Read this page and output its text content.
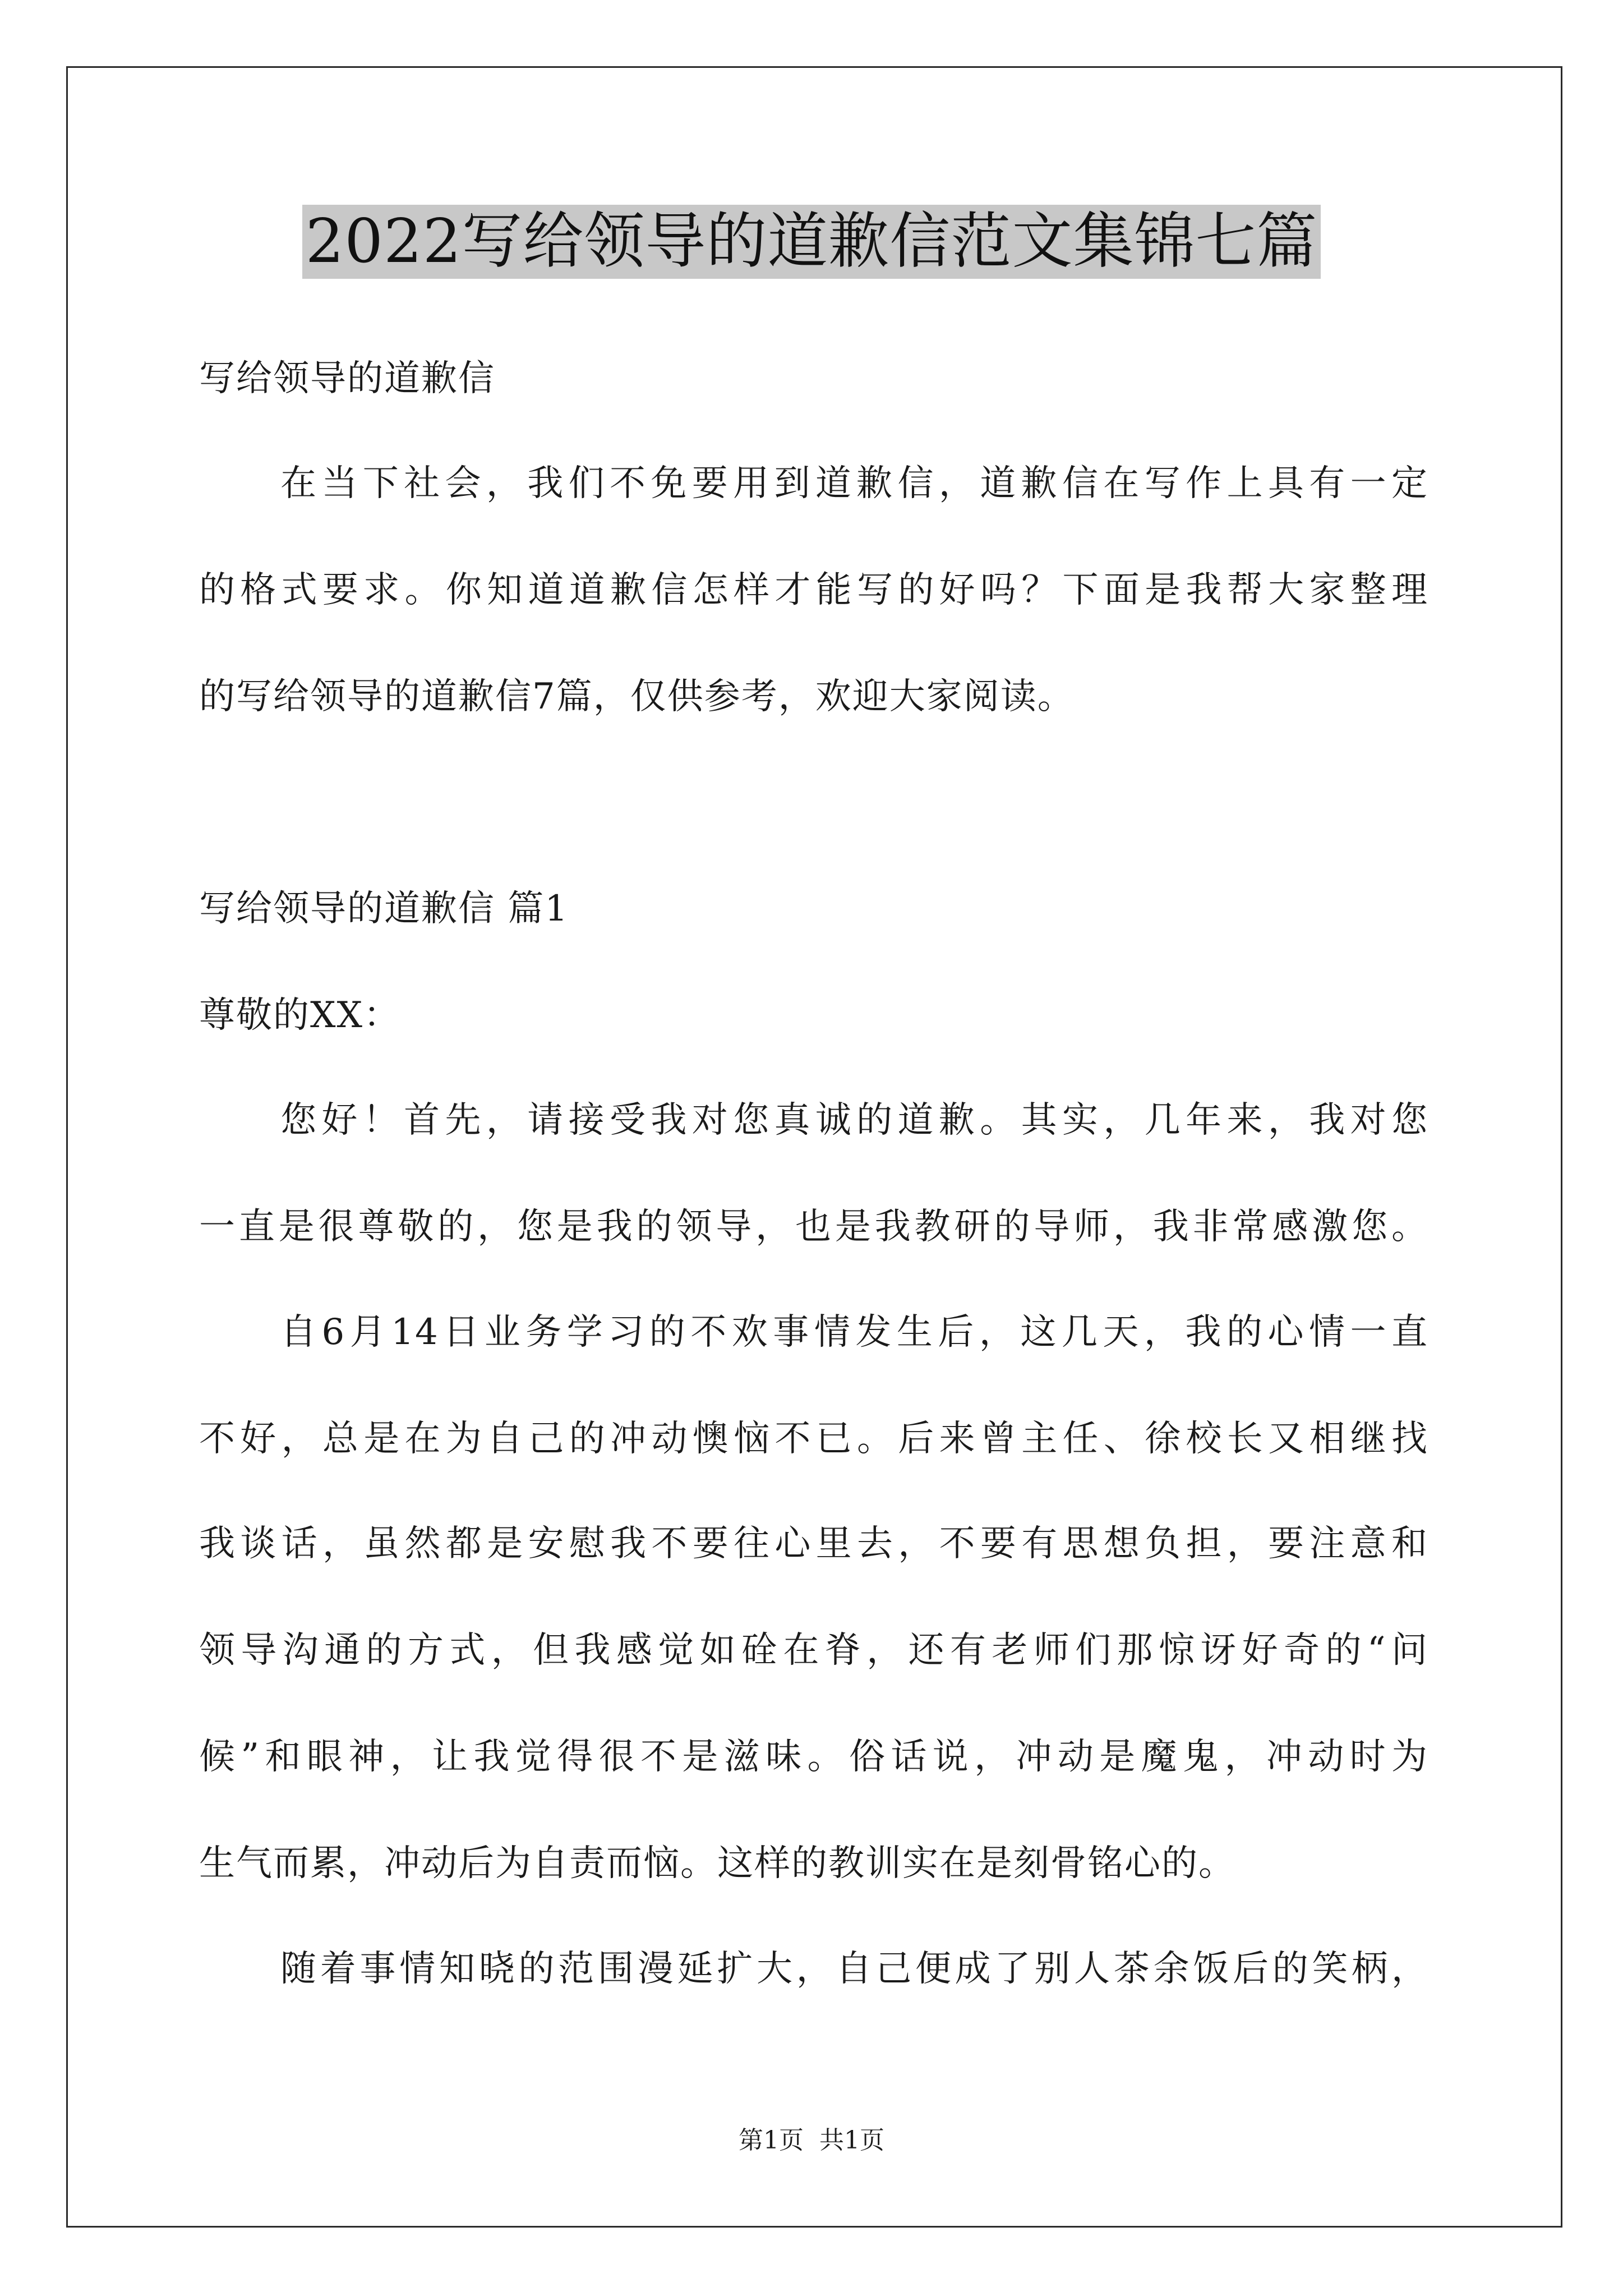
2022写给领导的道歉信范文集锦七篇
写给领导的道歉信
在当下社会，我们不免要用到道歉信，道歉信在写作上具有一定
的格式要求。你知道道歉信怎样才能写的好吗？下面是我帮大家整理
的写给领导的道歉信7篇，仅供参考，欢迎大家阅读。
写给领导的道歉信 篇1
尊敬的XX：
您好！首先，请接受我对您真诚的道歉。其实，几年来，我对您
一直是很尊敬的，您是我的领导，也是我教研的导师，我非常感激您。
自6月14日业务学习的不欢事情发生后，这几天，我的心情一直
不好，总是在为自己的冲动懊恼不已。后来曾主任、徐校长又相继找
我谈话，虽然都是安慰我不要往心里去，不要有思想负担，要注意和
领导沟通的方式，但我感觉如硂在脊，还有老师们那惊讶好奇的“问
候”和眼神，让我觉得很不是滋味。俗话说，冲动是魔鬼，冲动时为
生气而累，冲动后为自责而恼。这样的教训实在是刻骨铭心的。
随着事情知晓的范围漫延扩大，自己便成了别人茶余饭后的笑柄，
第1页 共1页
